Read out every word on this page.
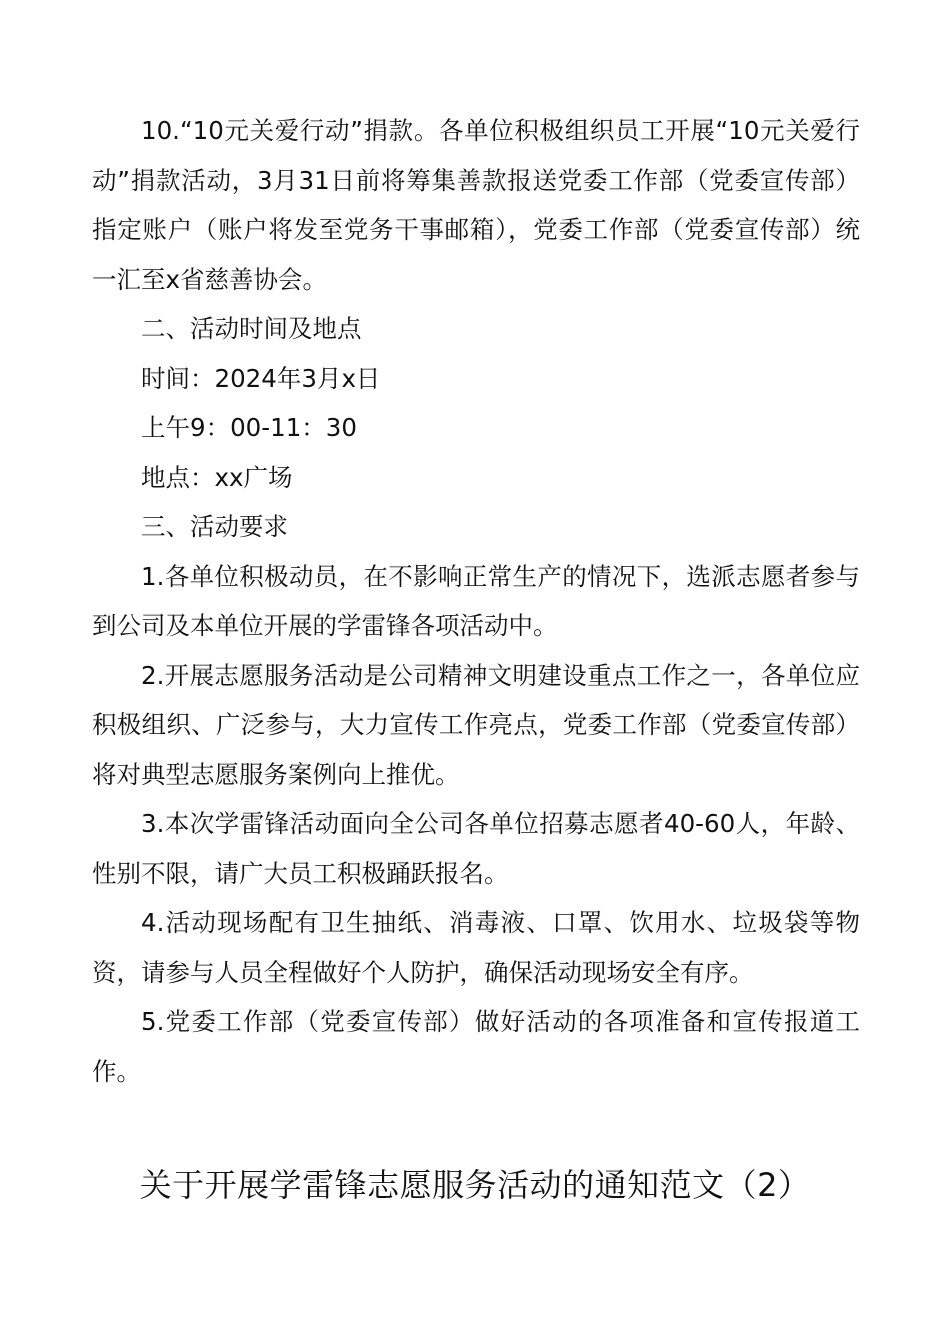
10.“10元关爱行动”捐款。各单位积极组织员工开展“10元关爱行动”捐款活动，3月31日前将筹集善款报送党委工作部（党委宣传部）指定账户（账户将发至党务干事邮箱），党委工作部（党委宣传部）统一汇至x省慈善协会。

二、活动时间及地点

时间：2024年3月x日

上午9：00-11：30

地点：xx广场

三、活动要求

1.各单位积极动员，在不影响正常生产的情况下，选派志愿者参与到公司及本单位开展的学雷锋各项活动中。

2.开展志愿服务活动是公司精神文明建设重点工作之一，各单位应积极组织、广泛参与，大力宣传工作亮点，党委工作部（党委宣传部）将对典型志愿服务案例向上推优。

3.本次学雷锋活动面向全公司各单位招募志愿者40-60人，年龄、性别不限，请广大员工积极踊跃报名。

4.活动现场配有卫生抽纸、消毒液、口罩、饮用水、垃圾袋等物资，请参与人员全程做好个人防护，确保活动现场安全有序。

5.党委工作部（党委宣传部）做好活动的各项准备和宣传报道工作。

关于开展学雷锋志愿服务活动的通知范文（2）
